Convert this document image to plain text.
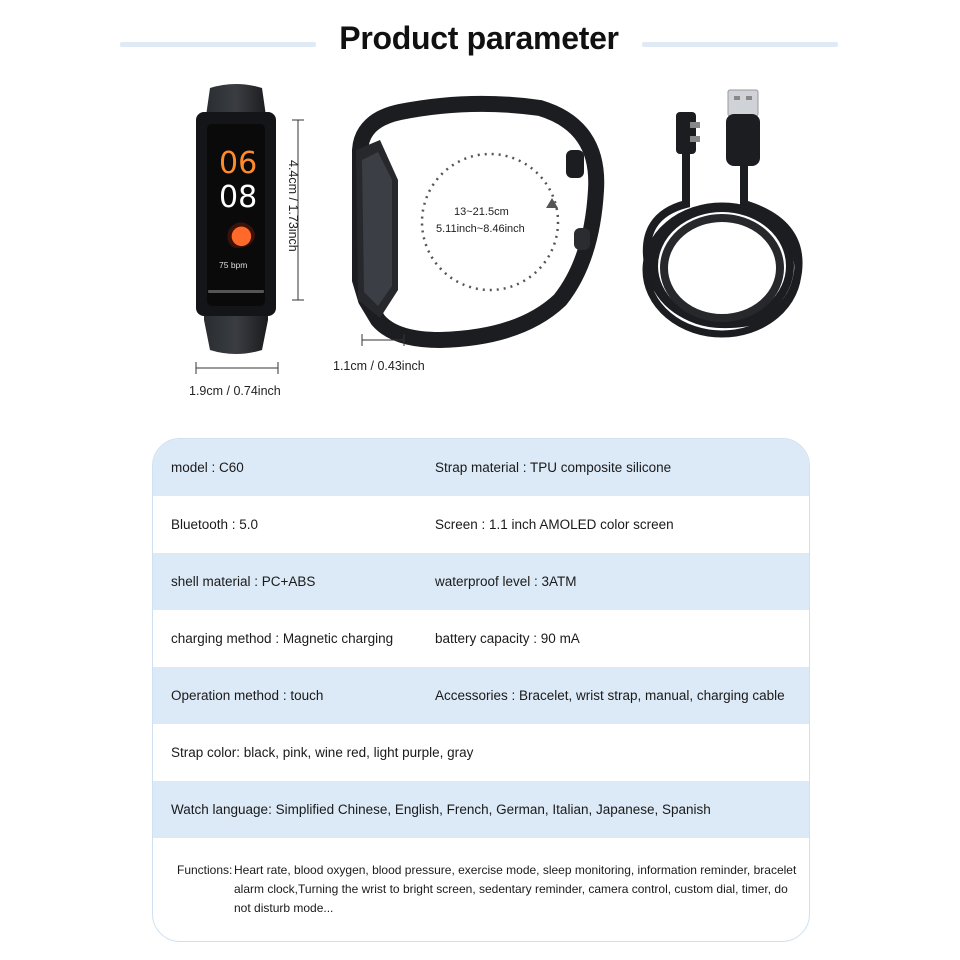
Product parameter
06
08
75 bpm
4.4cm / 1.73inch
1.9cm / 0.74inch
1.1cm / 0.43inch
13~21.5cm
5.11inch~8.46inch
model : C60	Strap material : TPU composite silicone
Bluetooth : 5.0	Screen : 1.1 inch AMOLED color screen
shell material : PC+ABS	waterproof level : 3ATM
charging method : Magnetic charging	battery capacity : 90 mA
Operation method : touch	Accessories : Bracelet, wrist strap, manual, charging cable
Strap color: black, pink, wine red, light purple, gray
Watch language: Simplified Chinese, English, French, German, Italian, Japanese, Spanish
Functions: Heart rate, blood oxygen, blood pressure, exercise mode, sleep monitoring, information reminder, bracelet alarm clock,Turning the wrist to bright screen, sedentary reminder, camera control, custom dial, timer, do not disturb mode...
